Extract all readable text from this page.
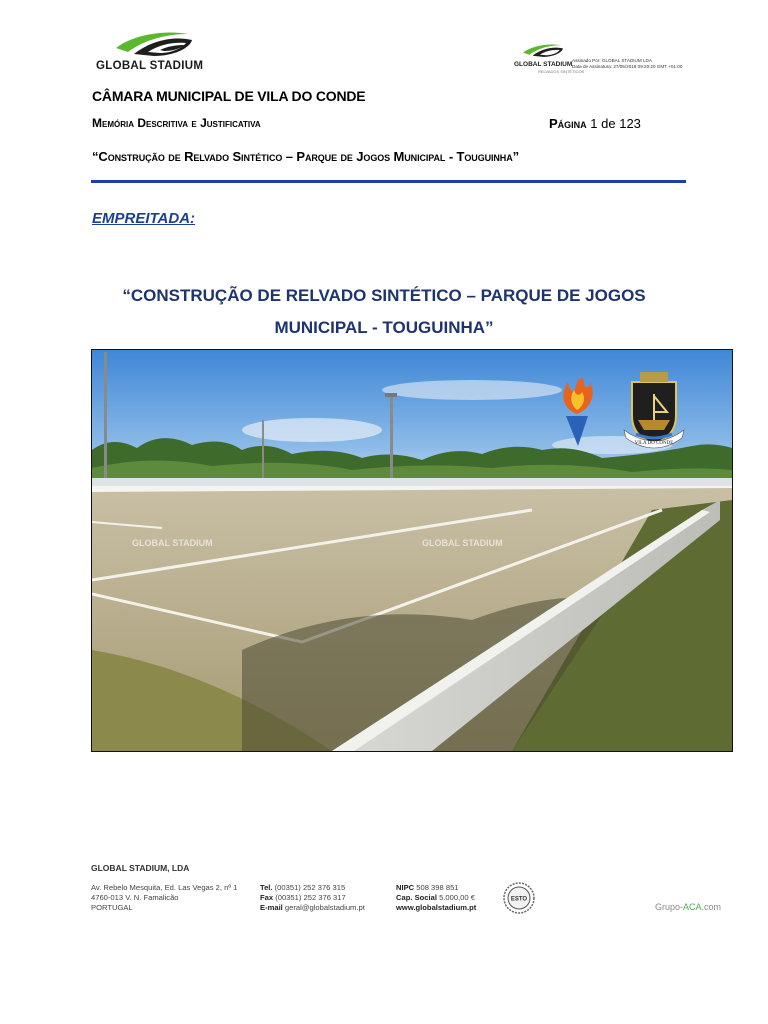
GLOBAL STADIUM	GLOBAL STADIUM
RELVADOS SINTÉTICOS
Assinado Por: GLOBAL STADIUM LDA
Data de Assinatura: 27/05/2016 09:20:20 GMT +01:00
CÂMARA MUNICIPAL DE VILA DO CONDE
Memória Descritiva e Justificativa	Página 1 de 123
“Construção de Relvado Sintético – Parque de Jogos Municipal - Touguinha”
EMPREITADA:
“CONSTRUÇÃO DE RELVADO SINTÉTICO – PARQUE DE JOGOS
MUNICIPAL - TOUGUINHA”
GLOBAL STADIUM	GLOBAL STADIUM
VILA DO CONDE
GLOBAL STADIUM, LDA
Av. Rebelo Mesquita, Ed. Las Vegas 2, nº 1
4760-013 V. N. Famalicão
PORTUGAL
Tel. (00351) 252 376 315
Fax (00351) 252 376 317
E-mail geral@globalstadium.pt
NIPC 508 398 851
Cap. Social 5.000,00 €
www.globalstadium.pt
ESTO
Grupo-ACA.com
